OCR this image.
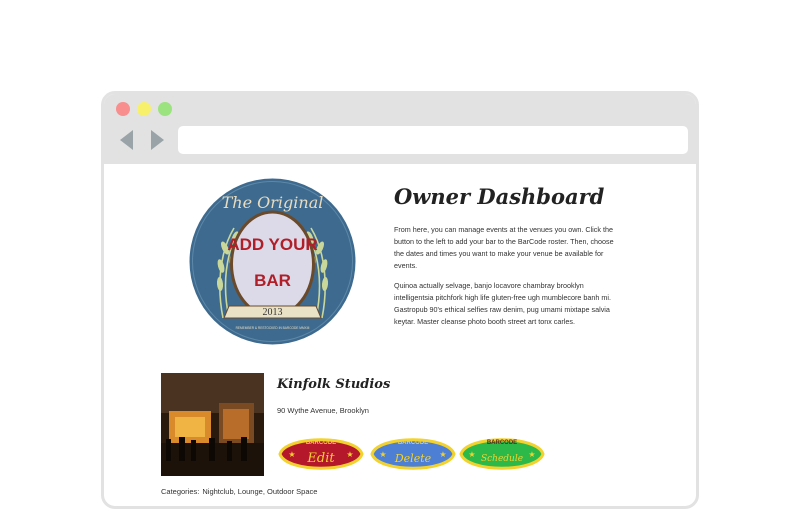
The Original
ADD YOUR
BAR
2013
REMEMBER & RESTOCKED IN BARCODE MMXIII
Owner Dashboard

From here, you can manage events at the venues you own. Click the button to the left to add your bar to the BarCode roster. Then, choose the dates and times you want to make your venue be available for events.

Quinoa actually selvage, banjo locavore chambray brooklyn intelligentsia pitchfork high life gluten-free ugh mumblecore banh mi. Gastropub 90's ethical selfies raw denim, pug umami mixtape salvia keytar. Master cleanse photo booth street art tonx carles.

Kinfolk Studios
90 Wythe Avenue, Brooklyn
BARCODE
Edit
★	★
BARCODE
Delete
★	★
BARCODE
Schedule
★	★
Categories: Nightclub, Lounge, Outdoor Space
